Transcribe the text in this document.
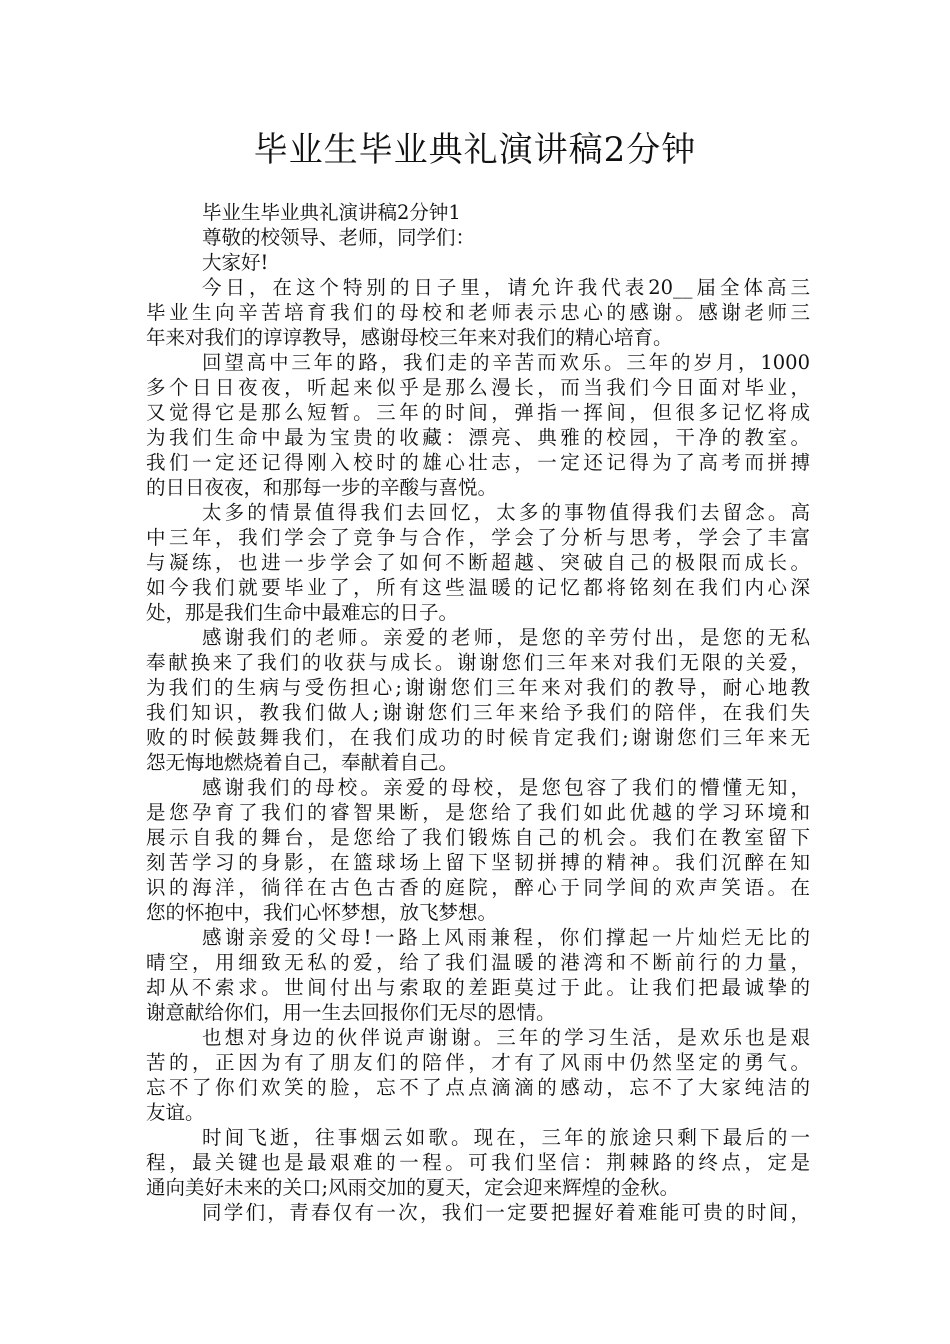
毕业生毕业典礼演讲稿2分钟

毕业生毕业典礼演讲稿2分钟1

尊敬的校领导、老师，同学们：

大家好!

今日，在这个特别的日子里，请允许我代表20__届全体高三

毕业生向辛苦培育我们的母校和老师表示忠心的感谢。感谢老师三

年来对我们的谆谆教导，感谢母校三年来对我们的精心培育。

回望高中三年的路，我们走的辛苦而欢乐。三年的岁月，1000

多个日日夜夜，听起来似乎是那么漫长，而当我们今日面对毕业，

又觉得它是那么短暂。三年的时间，弹指一挥间，但很多记忆将成

为我们生命中最为宝贵的收藏：漂亮、典雅的校园，干净的教室。

我们一定还记得刚入校时的雄心壮志，一定还记得为了高考而拼搏

的日日夜夜，和那每一步的辛酸与喜悦。

太多的情景值得我们去回忆，太多的事物值得我们去留念。高

中三年，我们学会了竞争与合作，学会了分析与思考，学会了丰富

与凝练，也进一步学会了如何不断超越、突破自己的极限而成长。

如今我们就要毕业了，所有这些温暖的记忆都将铭刻在我们内心深

处，那是我们生命中最难忘的日子。

感谢我们的老师。亲爱的老师，是您的辛劳付出，是您的无私

奉献换来了我们的收获与成长。谢谢您们三年来对我们无限的关爱，

为我们的生病与受伤担心;谢谢您们三年来对我们的教导，耐心地教

我们知识，教我们做人;谢谢您们三年来给予我们的陪伴，在我们失

败的时候鼓舞我们，在我们成功的时候肯定我们;谢谢您们三年来无

怨无悔地燃烧着自己，奉献着自己。

感谢我们的母校。亲爱的母校，是您包容了我们的懵懂无知，

是您孕育了我们的睿智果断，是您给了我们如此优越的学习环境和

展示自我的舞台，是您给了我们锻炼自己的机会。我们在教室留下

刻苦学习的身影，在篮球场上留下坚韧拼搏的精神。我们沉醉在知

识的海洋，徜徉在古色古香的庭院，醉心于同学间的欢声笑语。在

您的怀抱中，我们心怀梦想，放飞梦想。

感谢亲爱的父母!一路上风雨兼程，你们撑起一片灿烂无比的

晴空，用细致无私的爱，给了我们温暖的港湾和不断前行的力量，

却从不索求。世间付出与索取的差距莫过于此。让我们把最诚挚的

谢意献给你们，用一生去回报你们无尽的恩情。

也想对身边的伙伴说声谢谢。三年的学习生活，是欢乐也是艰

苦的，正因为有了朋友们的陪伴，才有了风雨中仍然坚定的勇气。

忘不了你们欢笑的脸，忘不了点点滴滴的感动，忘不了大家纯洁的

友谊。

时间飞逝，往事烟云如歌。现在，三年的旅途只剩下最后的一

程，最关键也是最艰难的一程。可我们坚信：荆棘路的终点，定是

通向美好未来的关口;风雨交加的夏天，定会迎来辉煌的金秋。

同学们，青春仅有一次，我们一定要把握好着难能可贵的时间，
